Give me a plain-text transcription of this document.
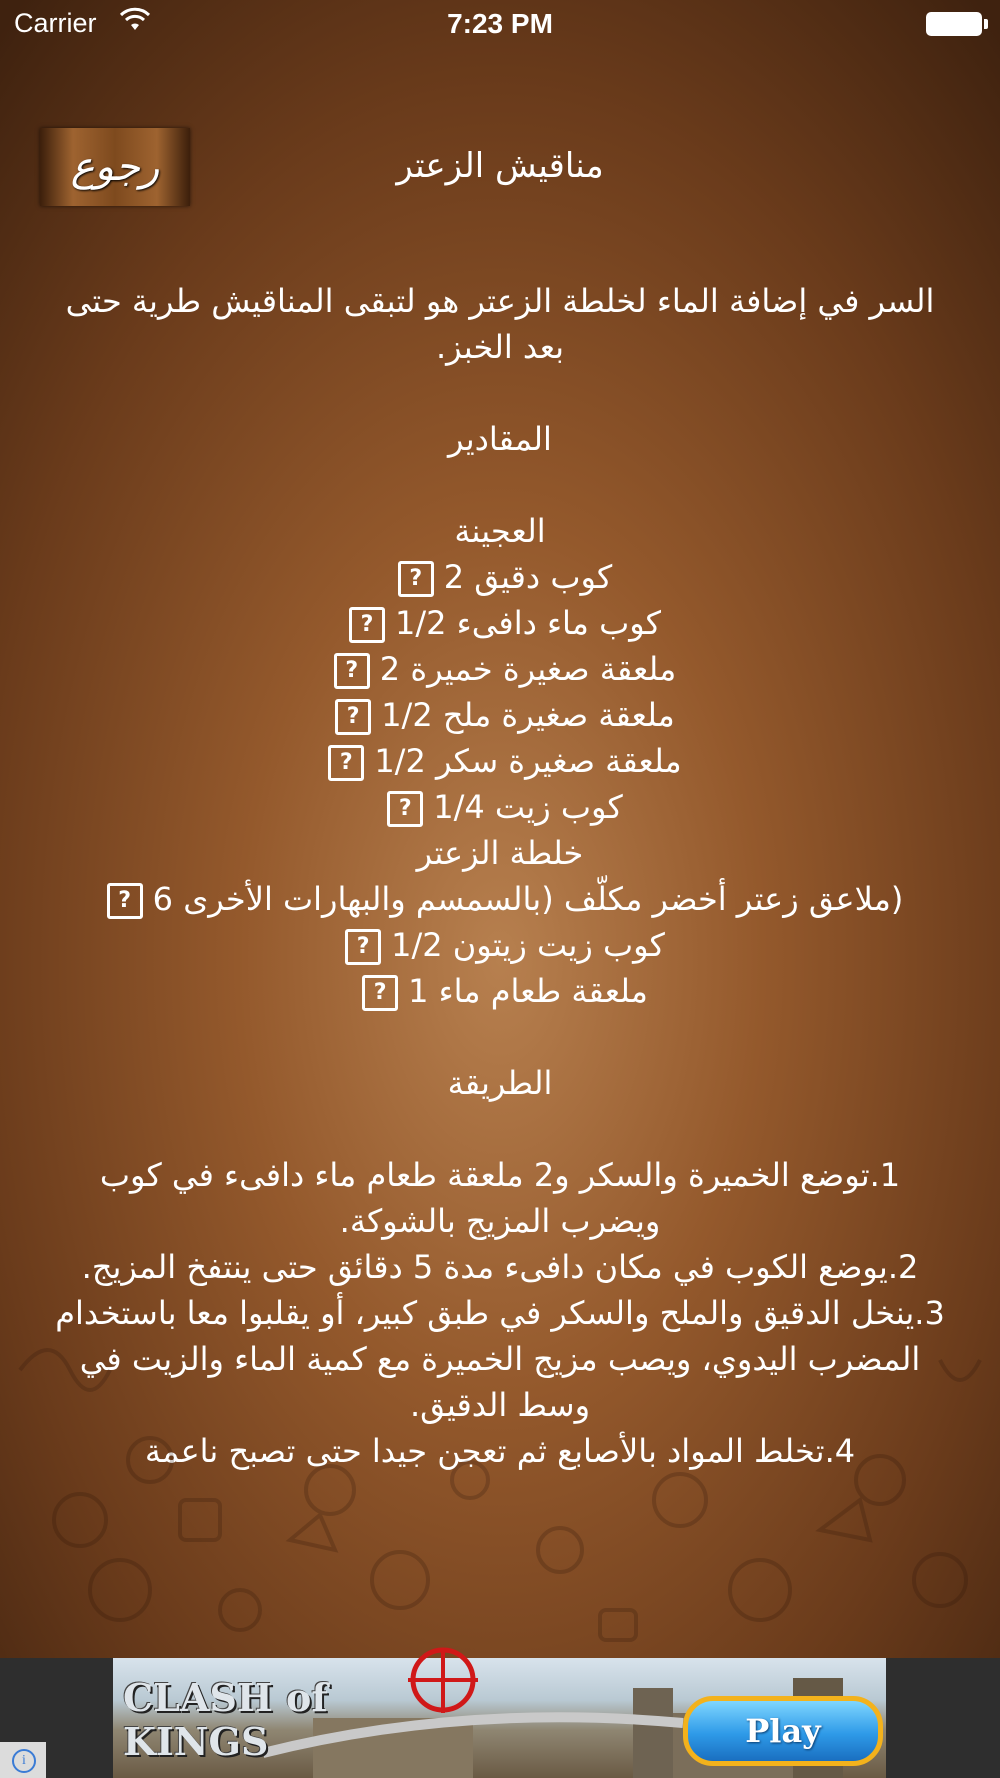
Carrier	7:23 PM
رجوع	مناقيش الزعتر

السر في إضافة الماء لخلطة الزعتر هو لتبقى المناقيش طرية حتى بعد الخبز.

المقادير

العجينة

كوب دقيق 2?

كوب ماء دافىء 1/2?

ملعقة صغيرة خميرة 2?

ملعقة صغيرة ملح 1/2?

ملعقة صغيرة سكر 1/2?

كوب زيت 1/4?

خلطة الزعتر

(ملاعق زعتر أخضر مكلّف (بالسمسم والبهارات الأخرى 6?

كوب زيت زيتون 1/2?

ملعقة طعام ماء 1?

الطريقة

1.توضع الخميرة والسكر و2 ملعقة طعام ماء دافىء في كوب ويضرب المزيج بالشوكة.

2.يوضع الكوب في مكان دافىء مدة 5 دقائق حتى ينتفخ المزيج.

3.ينخل الدقيق والملح والسكر في طبق كبير، أو يقلبوا معا باستخدام المضرب اليدوي، ويصب مزيج الخميرة مع كمية الماء والزيت في وسط الدقيق.

4.تخلط المواد بالأصابع ثم تعجن جيدا حتى تصبح ناعمة

CLASH of
KINGS	Play
i
